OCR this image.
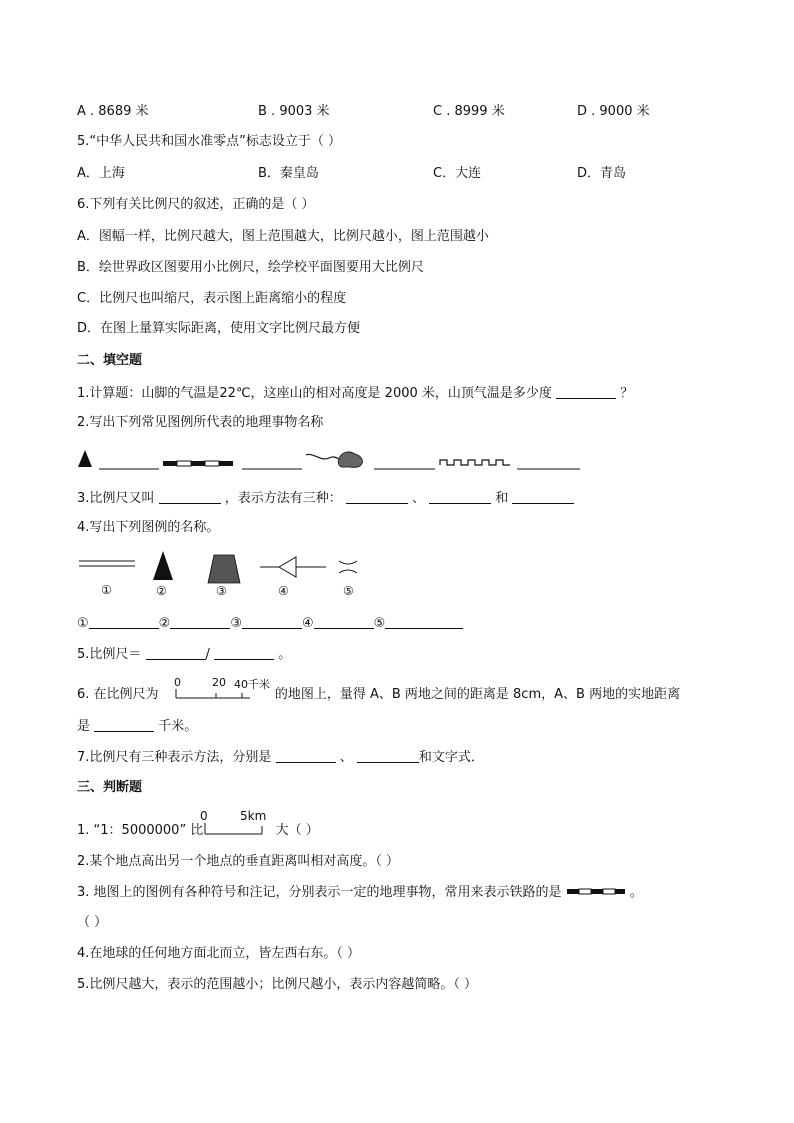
A . 8689 米	B . 9003 米	C . 8999 米	D . 9000 米
5.“中华人民共和国水准零点”标志设立于（ ）
A．上海	B．秦皇岛	C．大连	D．青岛
6.下列有关比例尺的叙述，正确的是（ ）
A．图幅一样，比例尺越大，图上范围越大，比例尺越小，图上范围越小
B．绘世界政区图要用小比例尺，绘学校平面图要用大比例尺
C．比例尺也叫缩尺，表示图上距离缩小的程度
D．在图上量算实际距离，使用文字比例尺最方便
二、填空题
1.计算题：山脚的气温是22℃，这座山的相对高度是 2000 米，山顶气温是多少度	？
2.写出下列常见图例所代表的地理事物名称
3.比例尺又叫	，表示方法有三种：	、	和
4.写出下列图例的名称。
①	②	③	④	⑤
①	②	③	④	⑤
5.比例尺＝	/	。
6. 在比例尺为	的地图上，量得 A、B 两地之间的距离是 8cm，A、B 两地的实地距离
0	20 40千米
是	千米。
7.比例尺有三种表示方法，分别是	、	和文字式．
三、判断题
1. “1：5000000” 比	大（ ）
0	5km
2.某个地点高出另一个地点的垂直距离叫相对高度。（ ）
3. 地图上的图例有各种符号和注记，分别表示一定的地理事物，常用来表示铁路的是	。
（ ）
4.在地球的任何地方面北而立，皆左西右东。（ ）
5.比例尺越大，表示的范围越小；比例尺越小，表示内容越简略。（ ）
